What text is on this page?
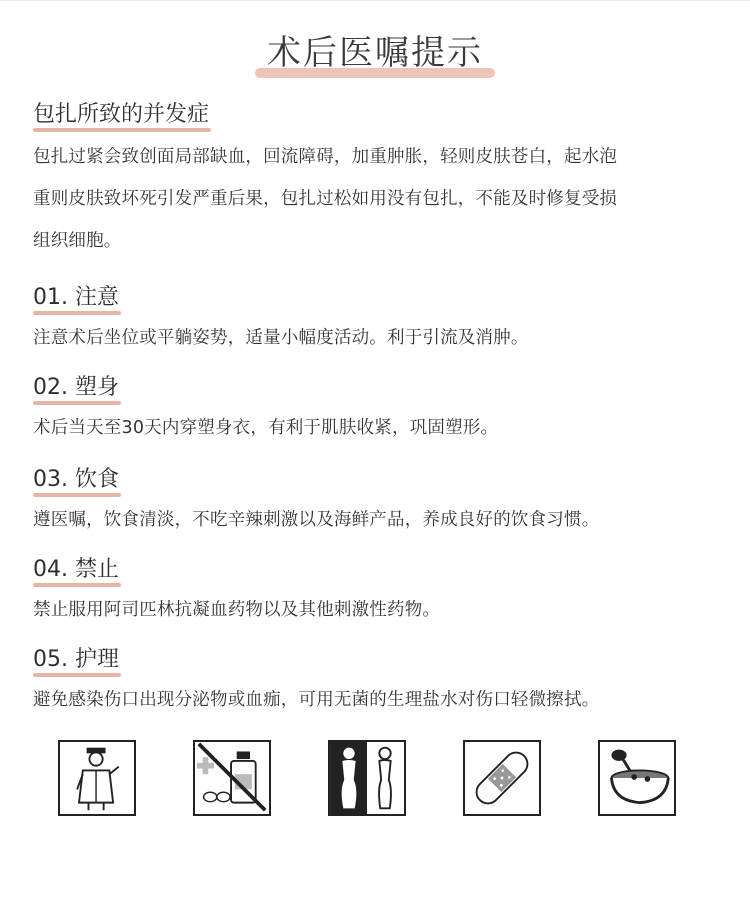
术后医嘱提示
包扎所致的并发症
包扎过紧会致创面局部缺血，回流障碍，加重肿胀，轻则皮肤苍白，起水泡
重则皮肤致坏死引发严重后果，包扎过松如用没有包扎，不能及时修复受损
组织细胞。
01. 注意
注意术后坐位或平躺姿势，适量小幅度活动。利于引流及消肿。
02. 塑身
术后当天至30天内穿塑身衣，有利于肌肤收紧，巩固塑形。
03. 饮食
遵医嘱，饮食清淡，不吃辛辣刺激以及海鲜产品，养成良好的饮食习惯。
04. 禁止
禁止服用阿司匹林抗凝血药物以及其他刺激性药物。
05. 护理
避免感染伤口出现分泌物或血痂，可用无菌的生理盐水对伤口轻微擦拭。
